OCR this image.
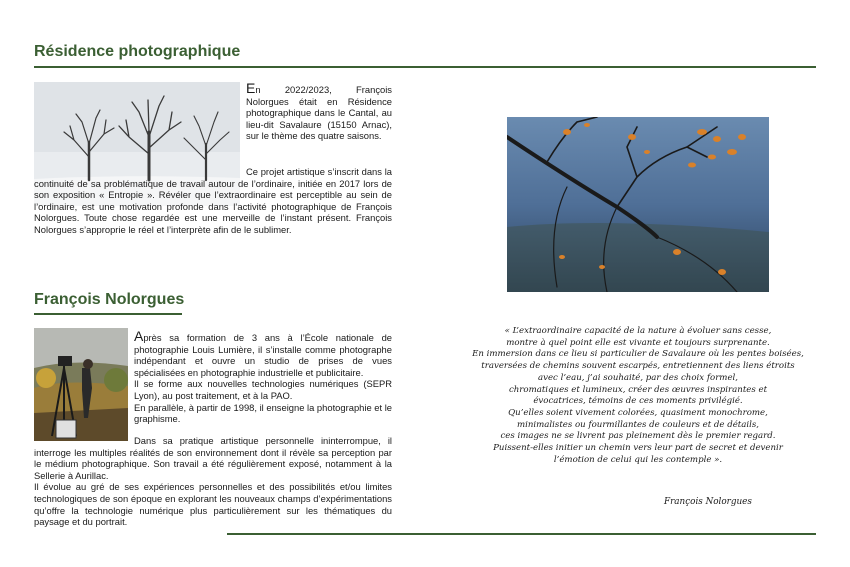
Résidence photographique

En 2022/2023, François Nolorgues était en Résidence photographique dans le Cantal, au lieu-dit Savalaure (15150 Arnac), sur le thème des quatre saisons.

Ce projet artistique s’inscrit dans la continuité de sa problématique de travail autour de l’ordinaire, initiée en 2017 lors de son exposition « Entropie ». Révéler que l’extraordinaire est perceptible au sein de l’ordinaire, est une motivation profonde dans l’activité photographique de François Nolorgues. Toute chose regardée est une merveille de l’instant présent. François Nolorgues s’approprie le réel et l’interprète afin de le sublimer.

François Nolorgues

Après sa formation de 3 ans à l’École nationale de photographie Louis Lumière, il s’installe comme photographe indépendant et ouvre un studio de prises de vues spécialisées en photographie industrielle et publicitaire.

Il se forme aux nouvelles technologies numériques (SEPR Lyon), au post traitement, et à la PAO.

En parallèle, à partir de 1998, il enseigne la photographie et le graphisme.

Dans sa pratique artistique personnelle ininterrompue, il interroge les multiples réalités de son environnement dont il révèle sa perception par le médium photographique. Son travail a été régulièrement exposé, notamment à la Sellerie à Aurillac.

Il évolue au gré de ses expériences personnelles et des possibilités et/ou limites technologiques de son époque en explorant les nouveaux champs d’expérimentations qu’offre la technologie numérique plus particulièrement sur les thématiques du paysage et du portrait.

« L’extraordinaire capacité de la nature à évoluer sans cesse,

montre à quel point elle est vivante et toujours surprenante.

En immersion dans ce lieu si particulier de Savalaure où les pentes boisées,

traversées de chemins souvent escarpés, entretiennent des liens étroits

avec l’eau, j’ai souhaité, par des choix formel,

chromatiques et lumineux, créer des œuvres inspirantes et

évocatrices, témoins de ces moments privilégié.

Qu’elles soient vivement colorées, quasiment monochrome,

minimalistes ou fourmillantes de couleurs et de détails,

ces images ne se livrent pas pleinement dès le premier regard.

Puissent-elles initier un chemin vers leur part de secret et devenir

l’émotion de celui qui les contemple ».

François Nolorgues
